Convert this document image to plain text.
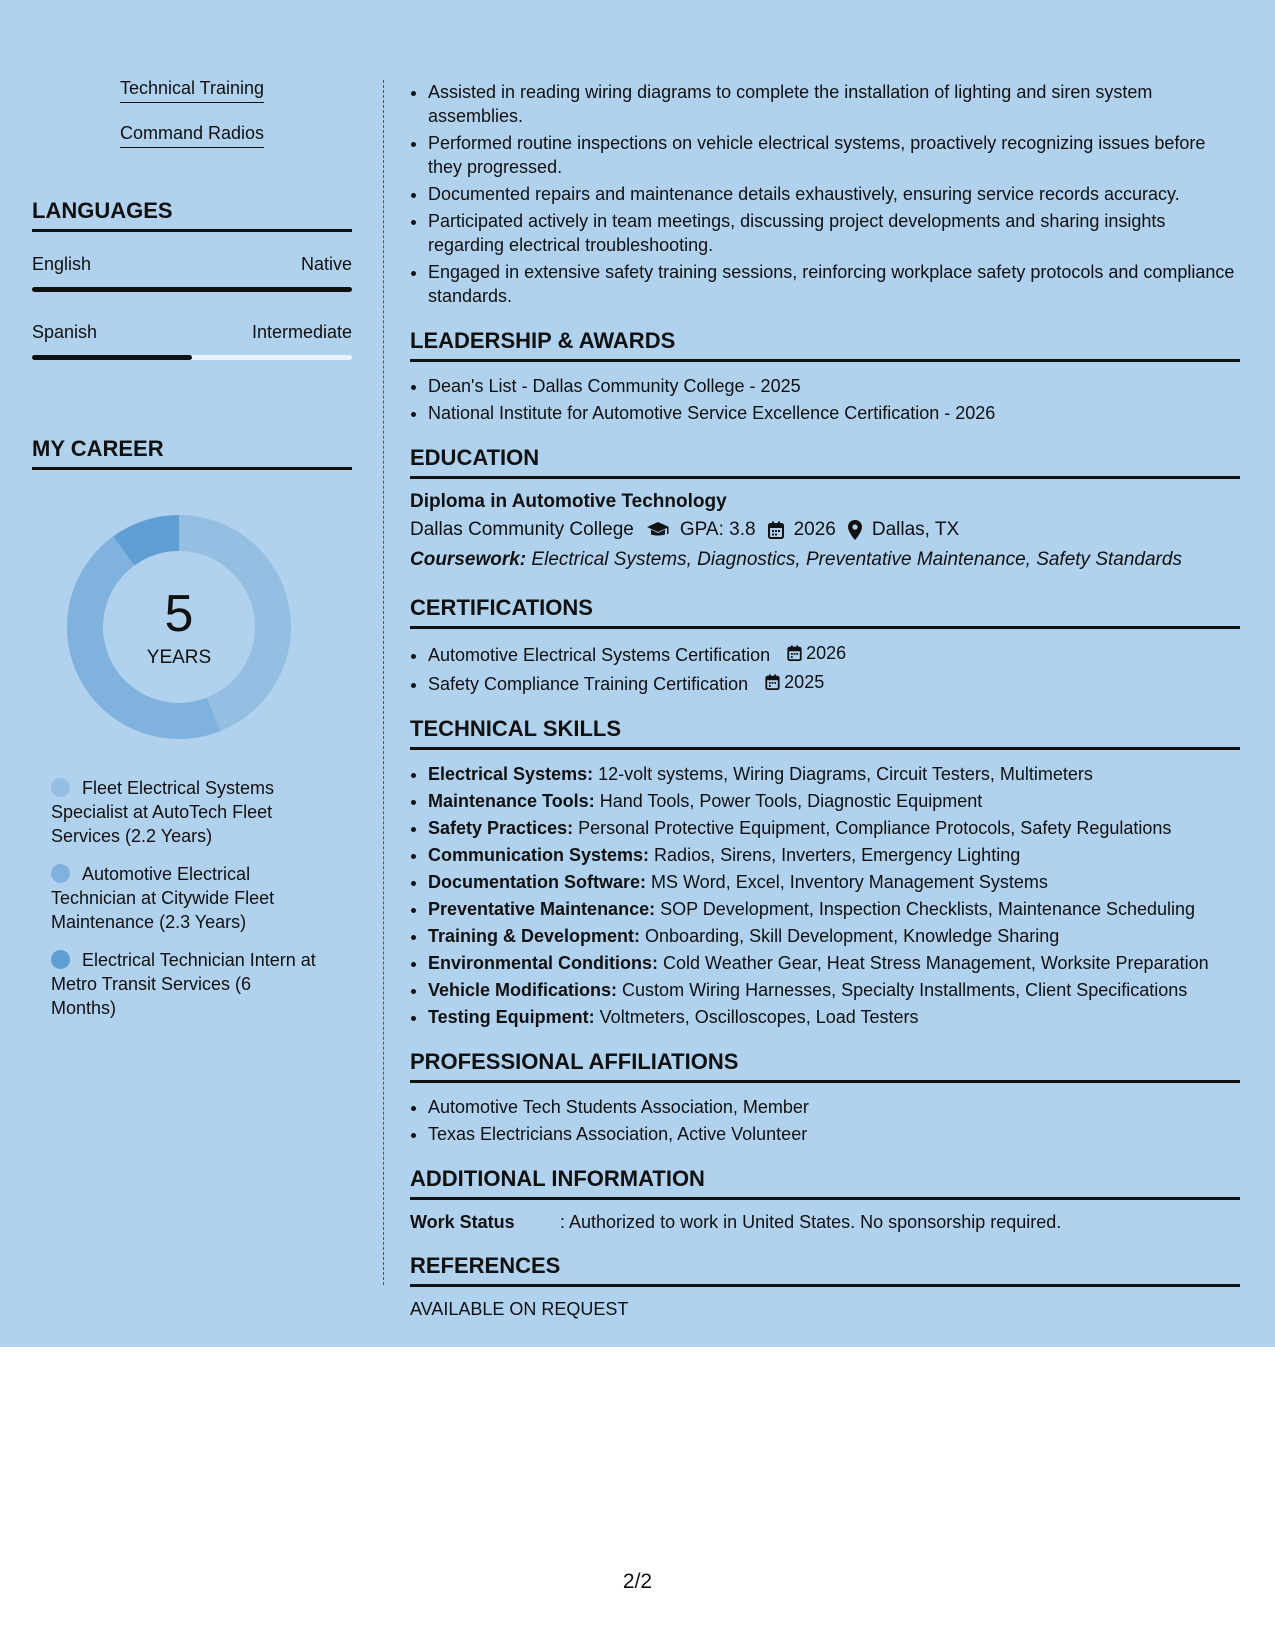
Technical Training
Command Radios
LANGUAGES
English	Native
Spanish	Intermediate
MY CAREER
5
YEARS
Fleet Electrical Systems Specialist at AutoTech Fleet Services (2.2 Years)
Automotive Electrical Technician at Citywide Fleet Maintenance (2.3 Years)
Electrical Technician Intern at Metro Transit Services (6 Months)
• Assisted in reading wiring diagrams to complete the installation of lighting and siren system assemblies.
• Performed routine inspections on vehicle electrical systems, proactively recognizing issues before they progressed.
• Documented repairs and maintenance details exhaustively, ensuring service records accuracy.
• Participated actively in team meetings, discussing project developments and sharing insights regarding electrical troubleshooting.
• Engaged in extensive safety training sessions, reinforcing workplace safety protocols and compliance standards.
LEADERSHIP & AWARDS
• Dean's List - Dallas Community College - 2025
• National Institute for Automotive Service Excellence Certification - 2026
EDUCATION
Diploma in Automotive Technology
Dallas Community College GPA: 3.8 2026 Dallas, TX
Coursework: Electrical Systems, Diagnostics, Preventative Maintenance, Safety Standards
CERTIFICATIONS
• Automotive Electrical Systems Certification 2026
• Safety Compliance Training Certification 2025
TECHNICAL SKILLS
• Electrical Systems: 12-volt systems, Wiring Diagrams, Circuit Testers, Multimeters
• Maintenance Tools: Hand Tools, Power Tools, Diagnostic Equipment
• Safety Practices: Personal Protective Equipment, Compliance Protocols, Safety Regulations
• Communication Systems: Radios, Sirens, Inverters, Emergency Lighting
• Documentation Software: MS Word, Excel, Inventory Management Systems
• Preventative Maintenance: SOP Development, Inspection Checklists, Maintenance Scheduling
• Training & Development: Onboarding, Skill Development, Knowledge Sharing
• Environmental Conditions: Cold Weather Gear, Heat Stress Management, Worksite Preparation
• Vehicle Modifications: Custom Wiring Harnesses, Specialty Installments, Client Specifications
• Testing Equipment: Voltmeters, Oscilloscopes, Load Testers
PROFESSIONAL AFFILIATIONS
• Automotive Tech Students Association, Member
• Texas Electricians Association, Active Volunteer
ADDITIONAL INFORMATION
Work Status	: Authorized to work in United States. No sponsorship required.
REFERENCES
AVAILABLE ON REQUEST
2/2
